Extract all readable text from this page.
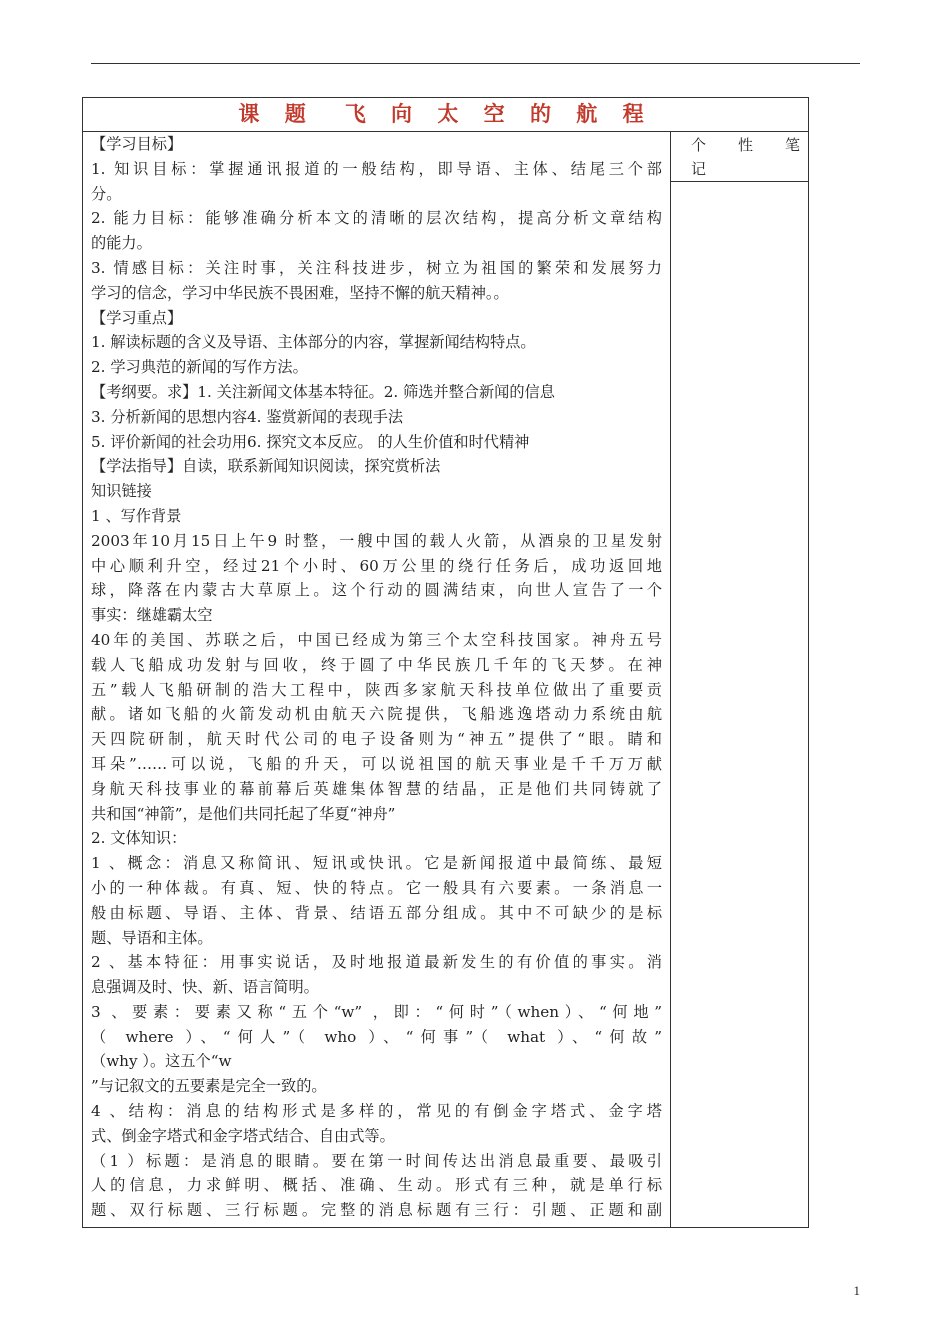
课 题　飞 向 太 空 的 航 程
【学习目标】
1. 知识目标：掌握通讯报道的一般结构，即导语、主体、结尾三个部
分。
2. 能力目标：能够准确分析本文的清晰的层次结构，提高分析文章结构
的能力。
3. 情感目标：关注时事，关注科技进步，树立为祖国的繁荣和发展努力
学习的信念，学习中华民族不畏困难，坚持不懈的航天精神。。
【学习重点】
1. 解读标题的含义及导语、主体部分的内容，掌握新闻结构特点。
2. 学习典范的新闻的写作方法。
【考纲要。求】1. 关注新闻文体基本特征。2. 筛选并整合新闻的信息
3. 分析新闻的思想内容4. 鉴赏新闻的表现手法
5. 评价新闻的社会功用6. 探究文本反应。 的人生价值和时代精神
【学法指导】自读，联系新闻知识阅读，探究赏析法
知识链接
1 、写作背景
2003年10月15日上午9 时整，一艘中国的载人火箭，从酒泉的卫星发射
中心顺利升空，经过21个小时、60万公里的绕行任务后，成功返回地
球，降落在内蒙古大草原上。这个行动的圆满结束，向世人宣告了一个
事实：继雄霸太空
40年的美国、苏联之后，中国已经成为第三个太空科技国家。神舟五号
载人飞船成功发射与回收，终于圆了中华民族几千年的飞天梦。在神
五”载人飞船研制的浩大工程中，陕西多家航天科技单位做出了重要贡
献。诸如飞船的火箭发动机由航天六院提供，飞船逃逸塔动力系统由航
天四院研制，航天时代公司的电子设备则为“神五”提供了“眼。睛和
耳朵”……可以说，飞船的升天，可以说祖国的航天事业是千千万万献
身航天科技事业的幕前幕后英雄集体智慧的结晶，正是他们共同铸就了
共和国“神箭”，是他们共同托起了华夏“神舟”
2. 文体知识：
1 、概念：消息又称简讯、短讯或快讯。它是新闻报道中最简练、最短
小的一种体裁。有真、短、快的特点。它一般具有六要素。一条消息一
般由标题、导语、主体、背景、结语五部分组成。其中不可缺少的是标
题、导语和主体。
2 、基本特征：用事实说话，及时地报道最新发生的有价值的事实。消
息强调及时、快、新、语言简明。
3 、要素：要素又称“五个“w” ，即：“何时”（when）、“何地”
（ where ）、“何人”（ who ）、“何事”（ what ）、“何故”
（why ）。这五个“w
”与记叙文的五要素是完全一致的。
4 、结构：消息的结构形式是多样的，常见的有倒金字塔式、金字塔
式、倒金字塔式和金字塔式结合、自由式等。
（1 ）标题：是消息的眼睛。要在第一时间传达出消息最重要、最吸引
人的信息，力求鲜明、概括、准确、生动。形式有三种，就是单行标
题、双行标题、三行标题。完整的消息标题有三行：引题、正题和副
个 性 笔
记
1
